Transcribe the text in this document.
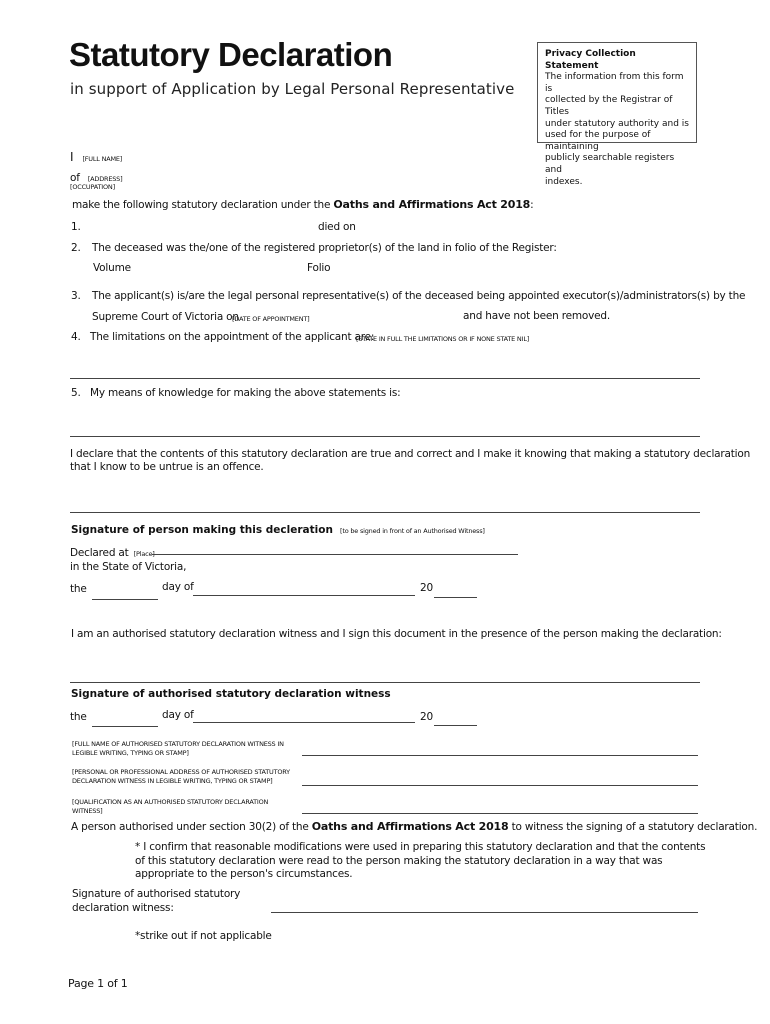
Statutory Declaration
in support of Application by Legal Personal Representative
Privacy Collection Statement
The information from this form is
collected by the Registrar of Titles
under statutory authority and is
used for the purpose of maintaining
publicly searchable registers and
indexes.
I [FULL NAME]
of [ADDRESS]
[OCCUPATION]
make the following statutory declaration under the Oaths and Affirmations Act 2018:
1.	died on
2. The deceased was the/one of the registered proprietor(s) of the land in folio of the Register:
Volume	Folio
3. The applicant(s) is/are the legal personal representative(s) of the deceased being appointed executor(s)/administrators(s) by the
Supreme Court of Victoria on
[DATE OF APPOINTMENT]	and have not been removed.
4. The limitations on the appointment of the applicant are:
[STATE IN FULL THE LIMITATIONS OR IF NONE STATE NIL]
5. My means of knowledge for making the above statements is:
I declare that the contents of this statutory declaration are true and correct and I make it knowing that making a statutory declaration
that I know to be untrue is an offence.
Signature of person making this decleration [to be signed in front of an Authorised Witness]
Declared at [Place]
in the State of Victoria,
the	day of	20
I am an authorised statutory declaration witness and I sign this document in the presence of the person making the declaration:
Signature of authorised statutory declaration witness
the	day of	20
[FULL NAME OF AUTHORISED STATUTORY DECLARATION WITNESS IN
LEGIBLE WRITING, TYPING OR STAMP]
[PERSONAL OR PROFESSIONAL ADDRESS OF AUTHORISED STATUTORY
DECLARATION WITNESS IN LEGIBLE WRITING, TYPING OR STAMP]
[QUALIFICATION AS AN AUTHORISED STATUTORY DECLARATION
WITNESS]
A person authorised under section 30(2) of the Oaths and Affirmations Act 2018 to witness the signing of a statutory declaration.
* I confirm that reasonable modifications were used in preparing this statutory declaration and that the contents
of this statutory declaration were read to the person making the statutory declaration in a way that was
appropriate to the person's circumstances.
Signature of authorised statutory
declaration witness:
*strike out if not applicable
Page 1 of 1
